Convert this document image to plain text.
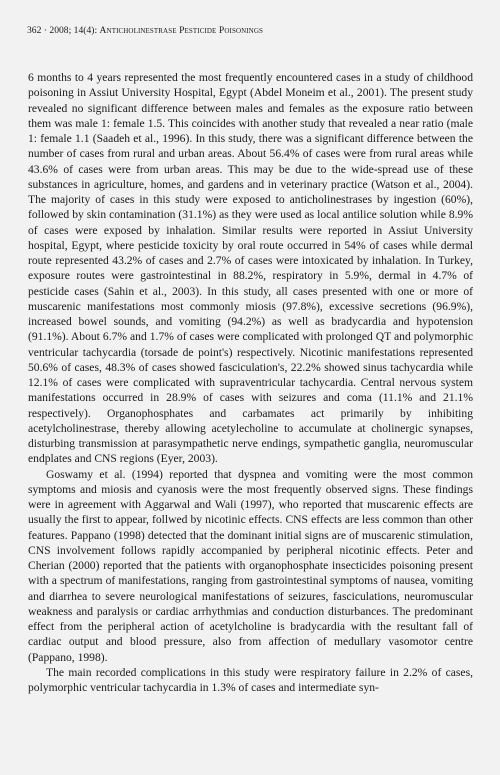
362 · 2008; 14(4): Anticholinestrase Pesticide Poisonings

6 months to 4 years represented the most frequently encountered cases in a study of childhood poisoning in Assiut University Hospital, Egypt (Abdel Moneim et al., 2001). The present study revealed no significant difference between males and females as the exposure ratio between them was male 1: female 1.5. This coincides with another study that revealed a near ratio (male 1: female 1.1 (Saadeh et al., 1996). In this study, there was a significant difference between the number of cases from rural and urban areas. About 56.4% of cases were from rural areas while 43.6% of cases were from urban areas. This may be due to the wide-spread use of these substances in agriculture, homes, and gardens and in veterinary practice (Watson et al., 2004). The majority of cases in this study were exposed to anticholinestrases by ingestion (60%), followed by skin contamination (31.1%) as they were used as local antilice solution while 8.9% of cases were exposed by inhalation. Similar results were reported in Assiut University hospital, Egypt, where pesticide toxicity by oral route occurred in 54% of cases while dermal route represented 43.2% of cases and 2.7% of cases were intoxicated by inhalation. In Turkey, exposure routes were gastrointestinal in 88.2%, respiratory in 5.9%, dermal in 4.7% of pesticide cases (Sahin et al., 2003). In this study, all cases presented with one or more of muscarenic manifestations most commonly miosis (97.8%), excessive secretions (96.9%), increased bowel sounds, and vomiting (94.2%) as well as bradycardia and hypotension (91.1%). About 6.7% and 1.7% of cases were complicated with prolonged QT and polymorphic ventricular tachycardia (torsade de point's) respectively. Nicotinic manifestations represented 50.6% of cases, 48.3% of cases showed fasciculation's, 22.2% showed sinus tachycardia while 12.1% of cases were complicated with supraventricular tachycardia. Central nervous system manifestations occurred in 28.9% of cases with seizures and coma (11.1% and 21.1% respectively). Organophosphates and carbamates act primarily by inhibiting acetylcholinestrase, thereby allowing acetylecholine to accumulate at cholinergic synapses, disturbing transmission at parasympathetic nerve endings, sympathetic ganglia, neuromuscular endplates and CNS regions (Eyer, 2003).

Goswamy et al. (1994) reported that dyspnea and vomiting were the most common symptoms and miosis and cyanosis were the most frequently observed signs. These findings were in agreement with Aggarwal and Wali (1997), who reported that muscarenic effects are usually the first to appear, follwed by nicotinic effects. CNS effects are less common than other features. Pappano (1998) detected that the dominant initial signs are of muscarenic stimulation, CNS involvement follows rapidly accompanied by peripheral nicotinic effects. Peter and Cherian (2000) reported that the patients with organophosphate insecticides poisoning present with a spectrum of manifestations, ranging from gastrointestinal symptoms of nausea, vomiting and diarrhea to severe neurological manifestations of seizures, fasciculations, neuromuscular weakness and paralysis or cardiac arrhythmias and conduction disturbances. The predominant effect from the peripheral action of acetylcholine is bradycardia with the resultant fall of cardiac output and blood pressure, also from affection of medullary vasomotor centre (Pappano, 1998).

The main recorded complications in this study were respiratory failure in 2.2% of cases, polymorphic ventricular tachycardia in 1.3% of cases and intermediate syn-
